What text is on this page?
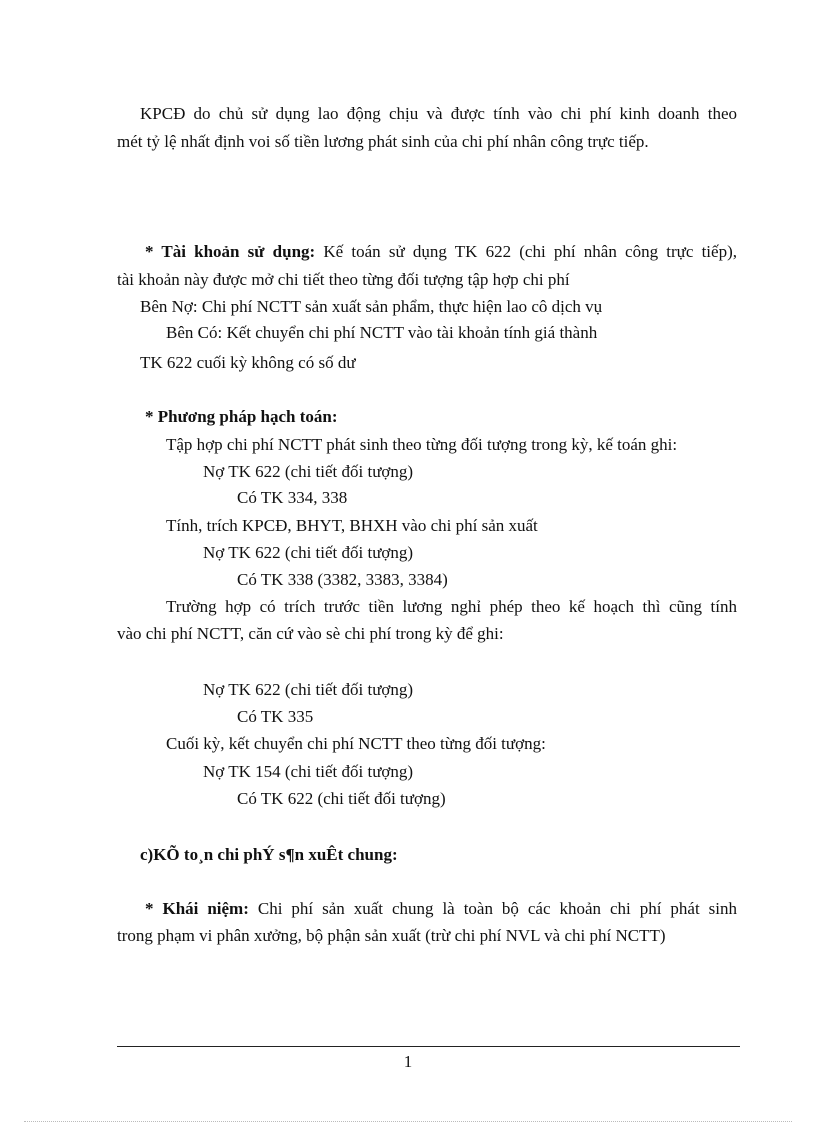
KPCĐ do chủ sử dụng lao động chịu và được tính vào chi phí kinh doanh theo
mét tỷ lệ nhất định voi số tiền lương phát sinh của chi phí nhân công trực tiếp.
* Tài khoản sử dụng: Kế toán sử dụng TK 622 (chi phí nhân công trực tiếp),
tài khoản này được mở chi tiết theo từng đối tượng tập hợp chi phí
Bên Nợ: Chi phí NCTT sản xuất sản phẩm, thực hiện lao cô dịch vụ
Bên Có: Kết chuyển chi phí NCTT vào tài khoản tính giá thành
TK 622 cuối kỳ không có số dư
* Phương pháp hạch toán:
Tập hợp chi phí NCTT phát sinh theo từng đối tượng trong kỳ, kế toán ghi:
Nợ TK 622 (chi tiết đối tượng)
Có TK 334, 338
Tính, trích KPCĐ, BHYT, BHXH vào chi phí sản xuất
Nợ TK 622 (chi tiết đối tượng)
Có TK 338 (3382, 3383, 3384)
Trường hợp có trích trước tiền lương nghỉ phép theo kế hoạch thì cũng tính
vào chi phí NCTT, căn cứ vào sè chi phí trong kỳ để ghi:
Nợ TK 622 (chi tiết đối tượng)
Có TK 335
Cuối kỳ, kết chuyển chi phí NCTT theo từng đối tượng:
Nợ TK 154 (chi tiết đối tượng)
Có TK 622 (chi tiết đối tượng)
c)KÕ to¸n chi phÝ s¶n xuÊt chung:
* Khái niệm: Chi phí sản xuất chung là toàn bộ các khoản chi phí phát sinh
trong phạm vi phân xưởng, bộ phận sản xuất (trừ chi phí NVL và chi phí NCTT)
1
